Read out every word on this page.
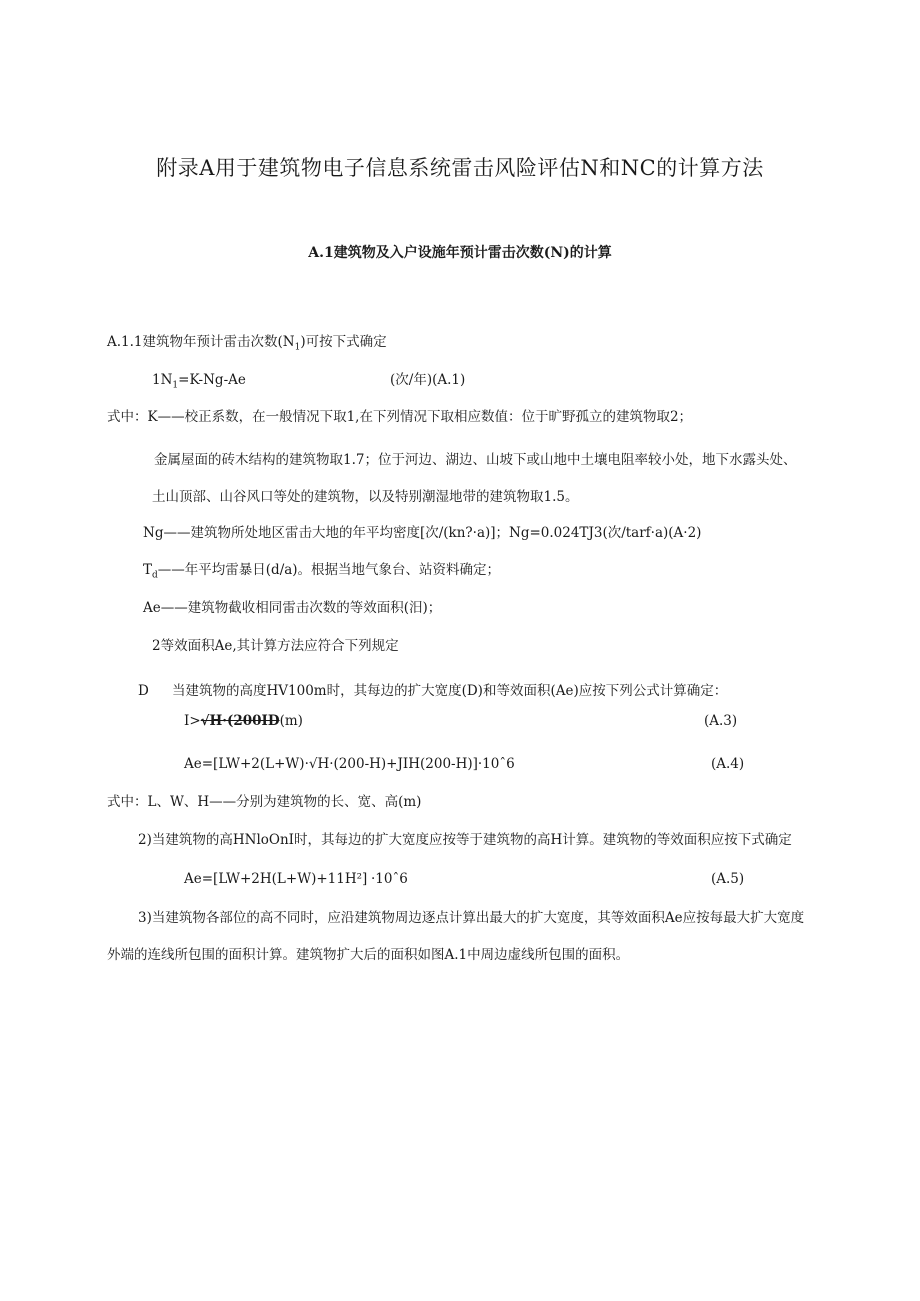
附录A用于建筑物电子信息系统雷击风险评估N和NC的计算方法
A.1建筑物及入户设施年预计雷击次数(N)的计算
A.1.1建筑物年预计雷击次数$(N_1)$可按下式确定
$1N_1=K-Ng-Ae$	(次/年)(A.1)
式中：K——校正系数，在一般情况下取1,在下列情况下取相应数值：位于旷野孤立的建筑物取2；
金属屋面的砖木结构的建筑物取1.7；位于河边、湖边、山坡下或山地中土壤电阻率较小处，地下水露头处、
土山顶部、山谷风口等处的建筑物，以及特别潮湿地带的建筑物取1.5。
Ng——建筑物所处地区雷击大地的年平均密度[次/(kn?·a)]；Ng=0.024TJ3(次/tarf·a)(A·2)
$T_d——$年平均雷暴日(d/a)。根据当地气象台、站资料确定；
Ae——建筑物截收相同雷击次数的等效面积(汨)；
2等效面积Ae,其计算方法应符合下列规定
D 当建筑物的高度HV100m时，其每边的扩大宽度(D)和等效面积(Ae)应按下列公式计算确定：
I>√H·(200ID(m)	(A.3)
Ae=[LW+2(L+W)·√H·(200-H)+JIH(200-H)]·10ˆ6	(A.4)
式中：L、W、H——分别为建筑物的长、宽、高(m)
2)当建筑物的高HNloOnI时，其每边的扩大宽度应按等于建筑物的高H计算。建筑物的等效面积应按下式确定
Ae=[LW+2H(L+W)+11H²] ·10ˆ6	(A.5)
3)当建筑物各部位的高不同时，应沿建筑物周边逐点计算出最大的扩大宽度，其等效面积Ae应按每最大扩大宽度
外端的连线所包围的面积计算。建筑物扩大后的面积如图A.1中周边虚线所包围的面积。
